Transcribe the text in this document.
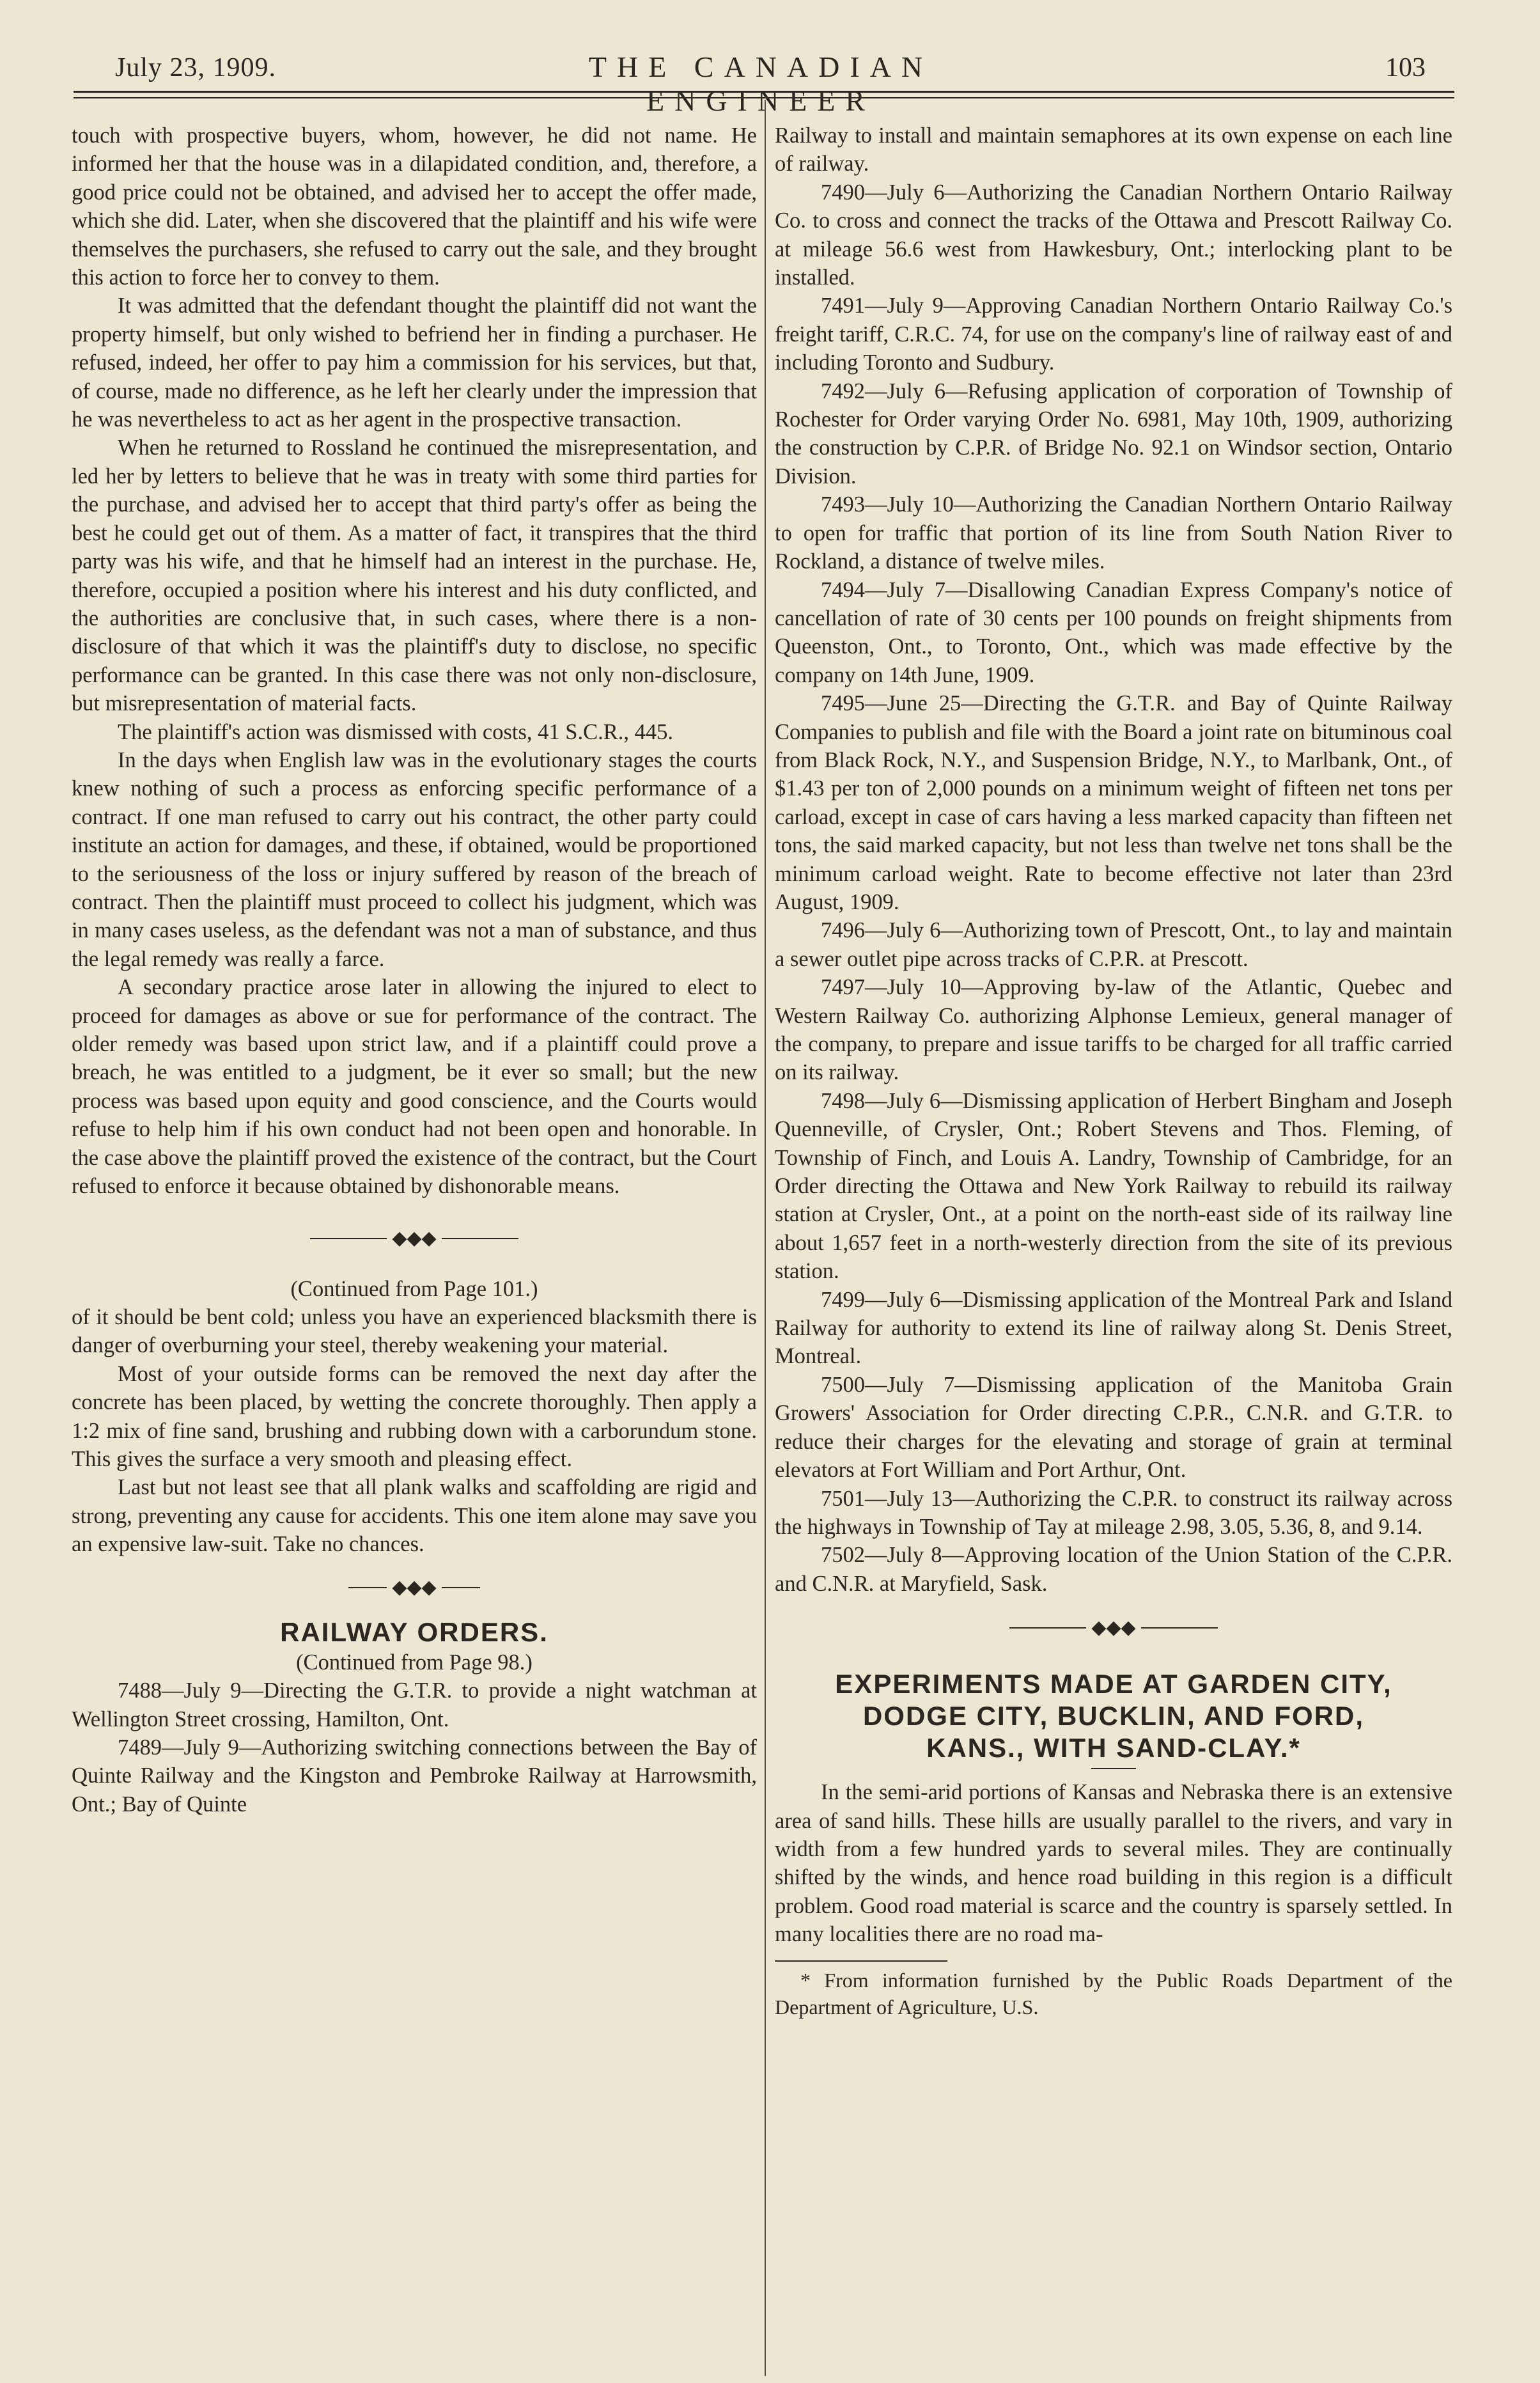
July 23, 1909.	THE CANADIAN ENGINEER
103

touch with prospective buyers, whom, however, he did not name. He informed her that the house was in a dilapidated condition, and, therefore, a good price could not be obtained, and advised her to accept the offer made, which she did. Later, when she discovered that the plaintiff and his wife were themselves the purchasers, she refused to carry out the sale, and they brought this action to force her to convey to them.

It was admitted that the defendant thought the plaintiff did not want the property himself, but only wished to befriend her in finding a purchaser. He refused, indeed, her offer to pay him a commission for his services, but that, of course, made no difference, as he left her clearly under the impression that he was nevertheless to act as her agent in the prospective transaction.

When he returned to Rossland he continued the misrepresentation, and led her by letters to believe that he was in treaty with some third parties for the purchase, and advised her to accept that third party's offer as being the best he could get out of them. As a matter of fact, it transpires that the third party was his wife, and that he himself had an interest in the purchase. He, therefore, occupied a position where his interest and his duty conflicted, and the authorities are conclusive that, in such cases, where there is a non-disclosure of that which it was the plaintiff's duty to disclose, no specific performance can be granted. In this case there was not only non-disclosure, but misrepresentation of material facts.

The plaintiff's action was dismissed with costs, 41 S.C.R., 445.

In the days when English law was in the evolutionary stages the courts knew nothing of such a process as enforcing specific performance of a contract. If one man refused to carry out his contract, the other party could institute an action for damages, and these, if obtained, would be proportioned to the seriousness of the loss or injury suffered by reason of the breach of contract. Then the plaintiff must proceed to collect his judgment, which was in many cases useless, as the defendant was not a man of substance, and thus the legal remedy was really a farce.

A secondary practice arose later in allowing the injured to elect to proceed for damages as above or sue for performance of the contract. The older remedy was based upon strict law, and if a plaintiff could prove a breach, he was entitled to a judgment, be it ever so small; but the new process was based upon equity and good conscience, and the Courts would refuse to help him if his own conduct had not been open and honorable. In the case above the plaintiff proved the existence of the contract, but the Court refused to enforce it because obtained by dishonorable means.

◆◆◆

(Continued from Page 101.)

of it should be bent cold; unless you have an experienced blacksmith there is danger of overburning your steel, thereby weakening your material.

Most of your outside forms can be removed the next day after the concrete has been placed, by wetting the concrete thoroughly. Then apply a 1:2 mix of fine sand, brushing and rubbing down with a carborundum stone. This gives the surface a very smooth and pleasing effect.

Last but not least see that all plank walks and scaffolding are rigid and strong, preventing any cause for accidents. This one item alone may save you an expensive law-suit. Take no chances.

◆◆◆
RAILWAY ORDERS.

(Continued from Page 98.)

7488—July 9—Directing the G.T.R. to provide a night watchman at Wellington Street crossing, Hamilton, Ont.

7489—July 9—Authorizing switching connections between the Bay of Quinte Railway and the Kingston and Pembroke Railway at Harrowsmith, Ont.; Bay of Quinte

Railway to install and maintain semaphores at its own expense on each line of railway.

7490—July 6—Authorizing the Canadian Northern Ontario Railway Co. to cross and connect the tracks of the Ottawa and Prescott Railway Co. at mileage 56.6 west from Hawkesbury, Ont.; interlocking plant to be installed.

7491—July 9—Approving Canadian Northern Ontario Railway Co.'s freight tariff, C.R.C. 74, for use on the company's line of railway east of and including Toronto and Sudbury.

7492—July 6—Refusing application of corporation of Township of Rochester for Order varying Order No. 6981, May 10th, 1909, authorizing the construction by C.P.R. of Bridge No. 92.1 on Windsor section, Ontario Division.

7493—July 10—Authorizing the Canadian Northern Ontario Railway to open for traffic that portion of its line from South Nation River to Rockland, a distance of twelve miles.

7494—July 7—Disallowing Canadian Express Company's notice of cancellation of rate of 30 cents per 100 pounds on freight shipments from Queenston, Ont., to Toronto, Ont., which was made effective by the company on 14th June, 1909.

7495—June 25—Directing the G.T.R. and Bay of Quinte Railway Companies to publish and file with the Board a joint rate on bituminous coal from Black Rock, N.Y., and Suspension Bridge, N.Y., to Marlbank, Ont., of $1.43 per ton of 2,000 pounds on a minimum weight of fifteen net tons per carload, except in case of cars having a less marked capacity than fifteen net tons, the said marked capacity, but not less than twelve net tons shall be the minimum carload weight. Rate to become effective not later than 23rd August, 1909.

7496—July 6—Authorizing town of Prescott, Ont., to lay and maintain a sewer outlet pipe across tracks of C.P.R. at Prescott.

7497—July 10—Approving by-law of the Atlantic, Quebec and Western Railway Co. authorizing Alphonse Lemieux, general manager of the company, to prepare and issue tariffs to be charged for all traffic carried on its railway.

7498—July 6—Dismissing application of Herbert Bingham and Joseph Quenneville, of Crysler, Ont.; Robert Stevens and Thos. Fleming, of Township of Finch, and Louis A. Landry, Township of Cambridge, for an Order directing the Ottawa and New York Railway to rebuild its railway station at Crysler, Ont., at a point on the north-east side of its railway line about 1,657 feet in a north-westerly direction from the site of its previous station.

7499—July 6—Dismissing application of the Montreal Park and Island Railway for authority to extend its line of railway along St. Denis Street, Montreal.

7500—July 7—Dismissing application of the Manitoba Grain Growers' Association for Order directing C.P.R., C.N.R. and G.T.R. to reduce their charges for the elevating and storage of grain at terminal elevators at Fort William and Port Arthur, Ont.

7501—July 13—Authorizing the C.P.R. to construct its railway across the highways in Township of Tay at mileage 2.98, 3.05, 5.36, 8, and 9.14.

7502—July 8—Approving location of the Union Station of the C.P.R. and C.N.R. at Maryfield, Sask.

◆◆◆
EXPERIMENTS MADE AT GARDEN CITY,
DODGE CITY, BUCKLIN, AND FORD,
KANS., WITH SAND-CLAY.*

In the semi-arid portions of Kansas and Nebraska there is an extensive area of sand hills. These hills are usually parallel to the rivers, and vary in width from a few hundred yards to several miles. They are continually shifted by the winds, and hence road building in this region is a difficult problem. Good road material is scarce and the country is sparsely settled. In many localities there are no road ma-

* From information furnished by the Public Roads Department of the Department of Agriculture, U.S.
